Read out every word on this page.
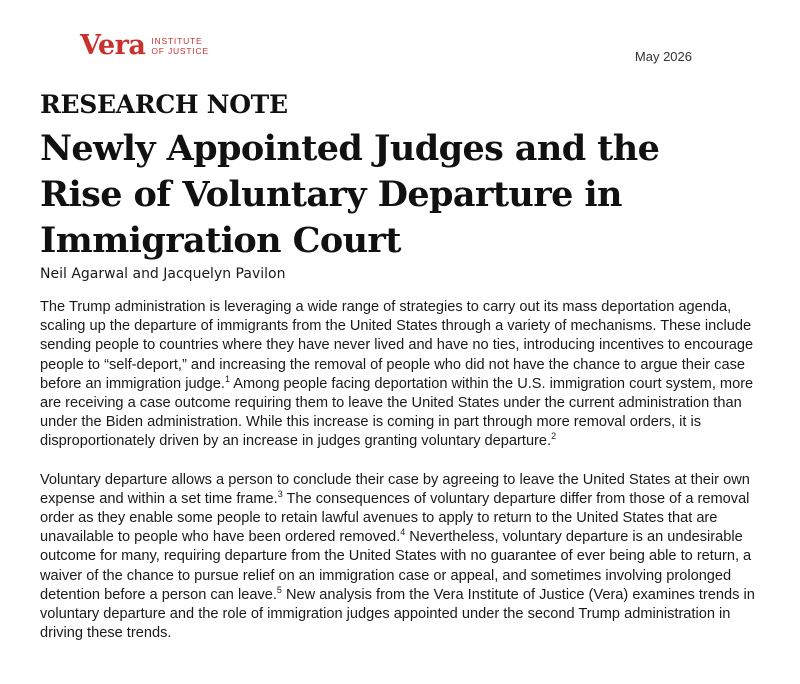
Vera INSTITUTE
OF JUSTICE	May 2026
RESEARCH NOTE
Newly Appointed Judges and the Rise of Voluntary Departure in Immigration Court
Neil Agarwal and Jacquelyn Pavilon

The Trump administration is leveraging a wide range of strategies to carry out its mass deportation agenda, scaling up the departure of immigrants from the United States through a variety of mechanisms. These include sending people to countries where they have never lived and have no ties, introducing incentives to encourage people to “self-deport,” and increasing the removal of people who did not have the chance to argue their case before an immigration judge.$^1$ Among people facing deportation within the U.S. immigration court system, more are receiving a case outcome requiring them to leave the United States under the current administration than under the Biden administration. While this increase is coming in part through more removal orders, it is disproportionately driven by an increase in judges granting voluntary departure.$^2$

Voluntary departure allows a person to conclude their case by agreeing to leave the United States at their own expense and within a set time frame.$^3$ The consequences of voluntary departure differ from those of a removal order as they enable some people to retain lawful avenues to apply to return to the United States that are unavailable to people who have been ordered removed.$^4$ Nevertheless, voluntary departure is an undesirable outcome for many, requiring departure from the United States with no guarantee of ever being able to return, a waiver of the chance to pursue relief on an immigration case or appeal, and sometimes involving prolonged detention before a person can leave.$^5$ New analysis from the Vera Institute of Justice (Vera) examines trends in voluntary departure and the role of immigration judges appointed under the second Trump administration in driving these trends.
